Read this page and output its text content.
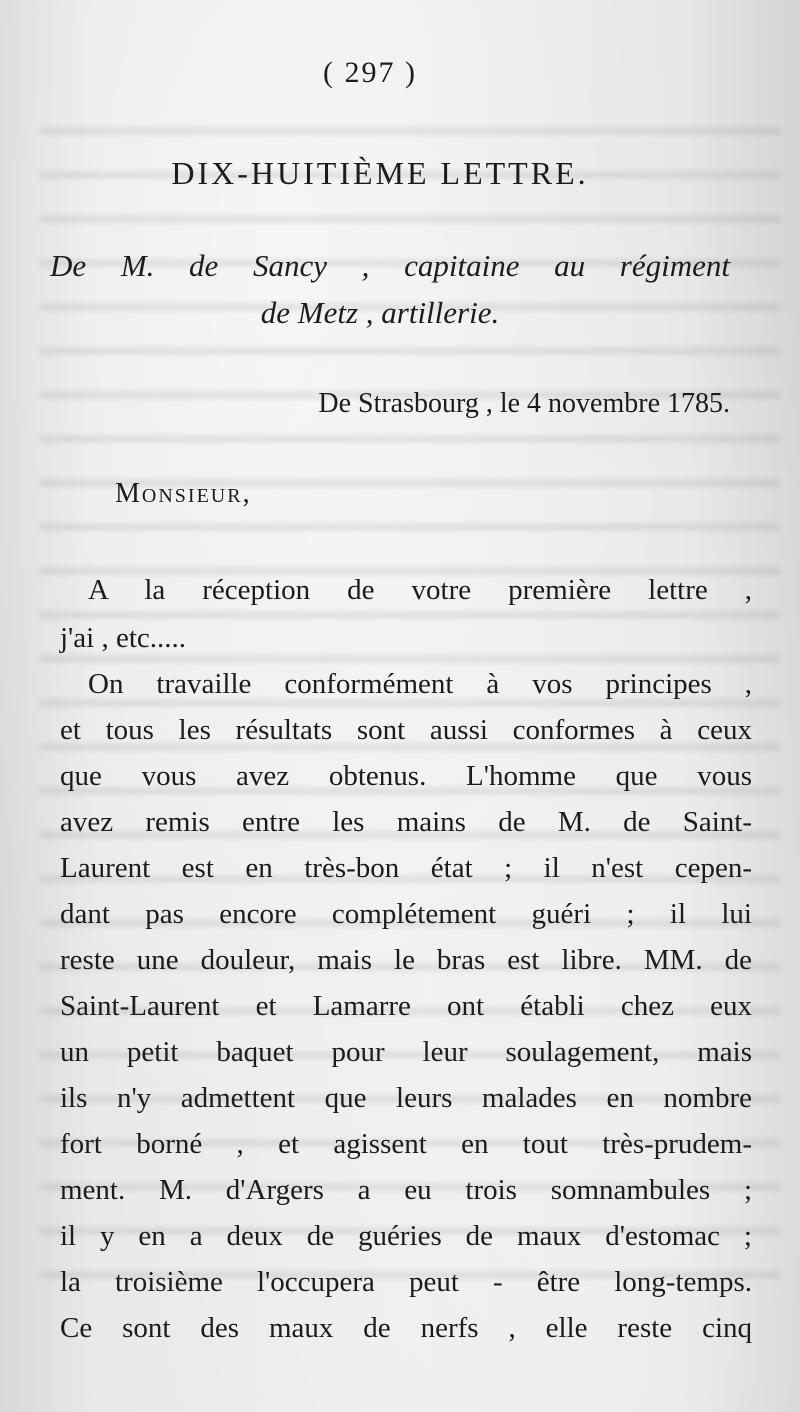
( 297 )
DIX-HUITIÈME LETTRE.
De M. de Sancy , capitaine au régiment
de Metz , artillerie.
De Strasbourg , le 4 novembre 1785.
Monsieur,
A la réception de votre première lettre ,
j'ai , etc.....
On travaille conformément à vos principes ,
et tous les résultats sont aussi conformes à ceux
que vous avez obtenus. L'homme que vous
avez remis entre les mains de M. de Saint-
Laurent est en très-bon état ; il n'est cepen-
dant pas encore complétement guéri ; il lui
reste une douleur, mais le bras est libre. MM. de
Saint-Laurent et Lamarre ont établi chez eux
un petit baquet pour leur soulagement, mais
ils n'y admettent que leurs malades en nombre
fort borné , et agissent en tout très-prudem-
ment. M. d'Argers a eu trois somnambules ;
il y en a deux de guéries de maux d'estomac ;
la troisième l'occupera peut - être long-temps.
Ce sont des maux de nerfs , elle reste cinq
